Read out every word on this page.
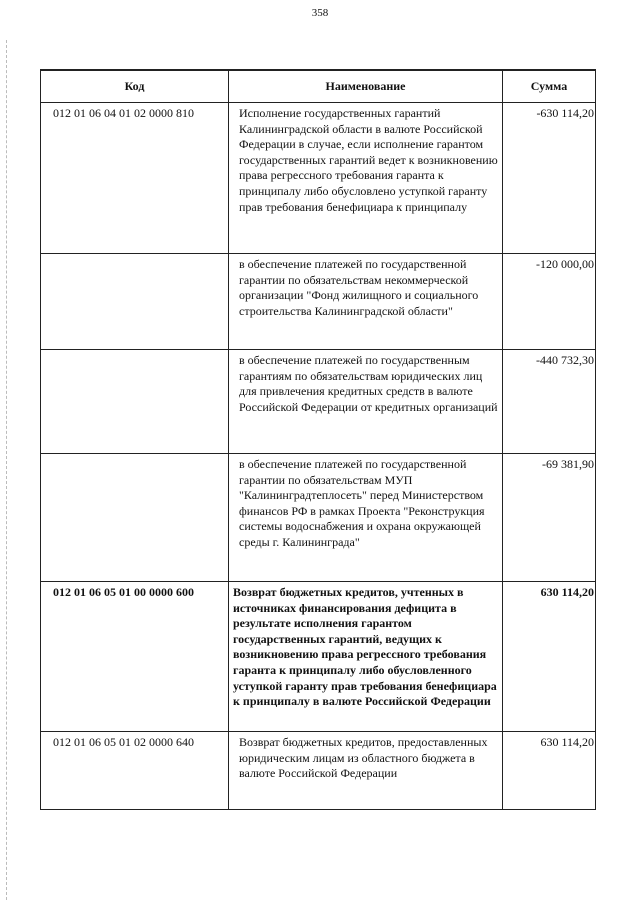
358
Код	Наименование	Сумма
012 01 06 04 01 02 0000 810	Исполнение государственных гарантий Калининградской области в валюте Российской Федерации в случае, если исполнение гарантом государственных гарантий ведет к возникновению права регрессного требования гаранта к принципалу либо обусловлено уступкой гаранту прав требования бенефициара к принципалу	-630 114,20
	в обеспечение платежей по государственной гарантии по обязательствам некоммерческой организации "Фонд жилищного и социального строительства Калининградской области"	-120 000,00
	в обеспечение платежей по государственным гарантиям по обязательствам юридических лиц для привлечения кредитных средств в валюте Российской Федерации от кредитных организаций	-440 732,30
	в обеспечение платежей по государственной гарантии по обязательствам МУП "Калининградтеплосеть" перед Министерством финансов РФ в рамках Проекта "Реконструкция системы водоснабжения и охрана окружающей среды г. Калининграда"	-69 381,90
012 01 06 05 01 00 0000 600	Возврат бюджетных кредитов, учтенных в источниках финансирования дефицита в результате исполнения гарантом государственных гарантий, ведущих к возникновению права регрессного требования гаранта к принципалу либо обусловленного уступкой гаранту прав требования бенефициара к принципалу в валюте Российской Федерации	630 114,20
012 01 06 05 01 02 0000 640	Возврат бюджетных кредитов, предоставленных юридическим лицам из областного бюджета в валюте Российской Федерации	630 114,20
